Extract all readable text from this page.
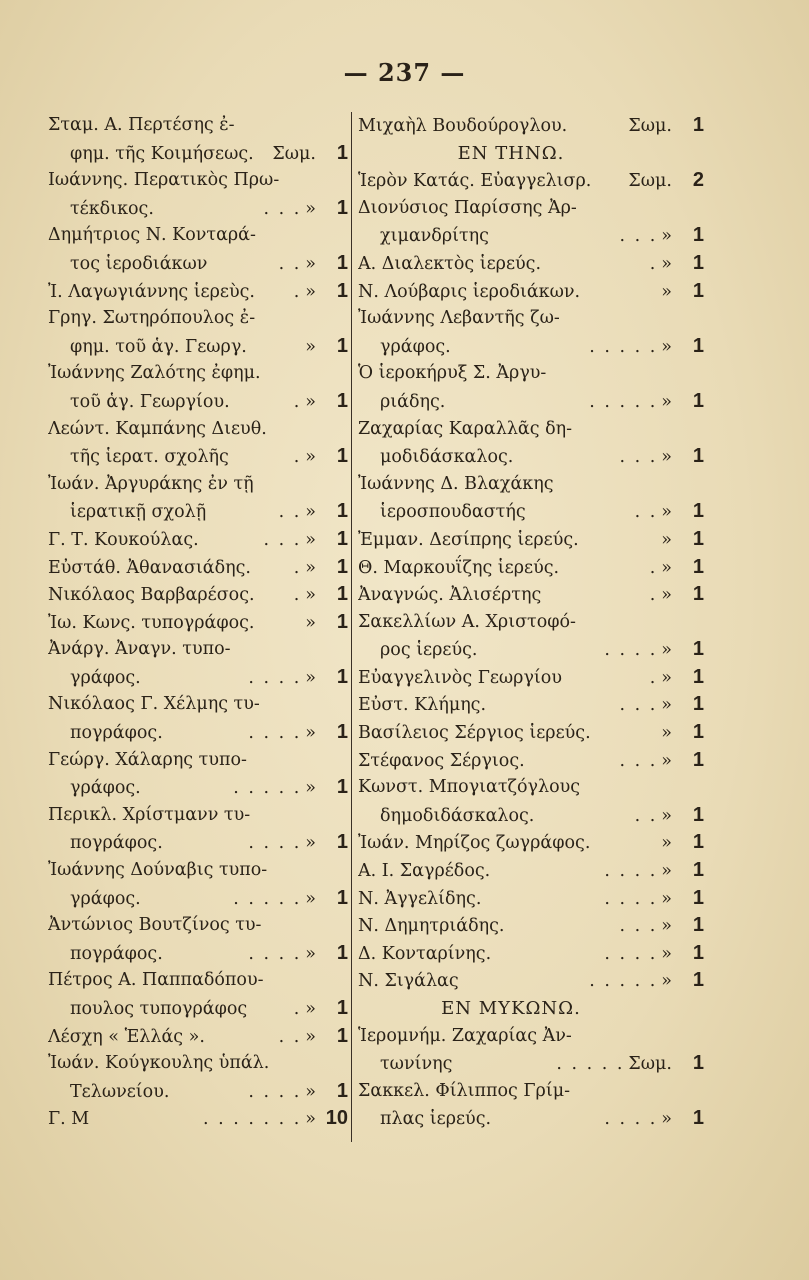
— 237 —
Σταμ. Α. Περτέσης ἐ-
φημ. τῆς Κοιμήσεως. Σωμ.	1
Ιωάννης. Περατικὸς Πρω-
τέκδικος.	. . . »	1
Δημήτριος Ν. Κονταρά-
τος ἱεροδιάκων	. . »	1
Ἰ. Λαγωγιάννης ἱερεὺς.	. »	1
Γρηγ. Σωτηρόπουλος ἐ-
φημ. τοῦ ἁγ. Γεωργ.	»	1
Ἰωάννης Ζαλότης ἐφημ.
τοῦ ἁγ. Γεωργίου.	. »	1
Λεώντ. Καμπάνης Διευθ.
τῆς ἱερατ. σχολῆς	. »	1
Ἰωάν. Ἀργυράκης ἐν τῇ
ἱερατικῇ σχολῇ	. . »	1
Γ. Τ. Κουκούλας.	. . . »	1
Εὐστάθ. Ἀθανασιάδης.	. »	1
Νικόλαος Βαρβαρέσος.	. »	1
Ἰω. Κωνς. τυπογράφος.	»	1
Ἀνάργ. Ἀναγν. τυπο-
γράφος.	. . . . »	1
Νικόλαος Γ. Χέλμης τυ-
πογράφος.	. . . . »	1
Γεώργ. Χάλαρης τυπο-
γράφος.	. . . . . »	1
Περικλ. Χρίστμανν τυ-
πογράφος.	. . . . »	1
Ἰωάννης Δούναβις τυπο-
γράφος.	. . . . . »	1
Ἀντώνιος Βουτζίνος τυ-
πογράφος.	. . . . »	1
Πέτρος Α. Παππαδόπου-
πουλος τυπογράφος	. »	1
Λέσχη « Ἑλλάς ».	. . »	1
Ἰωάν. Κούγκουλης ὑπάλ.
Τελωνείου.	. . . . »	1
Γ. Μ	. . . . . . . » 10
Μιχαὴλ Βουδούρογλου.	Σωμ.	1
ΕΝ ΤΗΝΩ.
Ἱερὸν Κατάς. Εὐαγγελισρ. Σωμ.	2
Διονύσιος Παρίσσης Ἀρ-
χιμανδρίτης	. . . »	1
Α. Διαλεκτὸς ἱερεύς.	. »	1
Ν. Λούβαρις ἱεροδιάκων.	»	1
Ἰωάννης Λεβαντῆς ζω-
γράφος.	. . . . . »	1
Ὁ ἱεροκήρυξ Σ. Ἀργυ-
ριάδης.	. . . . . »	1
Ζαχαρίας Καραλλᾶς δη-
μοδιδάσκαλος.	. . . »	1
Ἰωάννης Δ. Βλαχάκης
ἱεροσπουδαστής	. . »	1
Ἐμμαν. Δεσίπρης ἱερεύς.	»	1
Θ. Μαρκουΐζης ἱερεύς.	. »	1
Ἀναγνώς. Ἀλισέρτης	. »	1
Σακελλίων Α. Χριστοφό-
ρος ἱερεύς.	. . . . »	1
Εὐαγγελινὸς Γεωργίου	. »	1
Εὐστ. Κλήμης.	. . . »	1
Βασίλειος Σέργιος ἱερεύς.	»	1
Στέφανος Σέργιος.	. . . »	1
Κωνστ. Μπογιατζόγλους
δημοδιδάσκαλος.	. . »	1
Ἰωάν. Μηρίζος ζωγράφος.	»	1
Α. Ι. Σαγρέδος.	. . . . »	1
Ν. Ἀγγελίδης.	. . . . »	1
Ν. Δημητριάδης.	. . . »	1
Δ. Κονταρίνης.	. . . . »	1
Ν. Σιγάλας	. . . . . »	1
ΕΝ ΜΥΚΩΝΩ.
Ἱερομνήμ. Ζαχαρίας Ἀν-
τωνίνης	. . . . . Σωμ.	1
Σακκελ. Φίλιππος Γρίμ-
πλας ἱερεύς.	. . . . »	1
